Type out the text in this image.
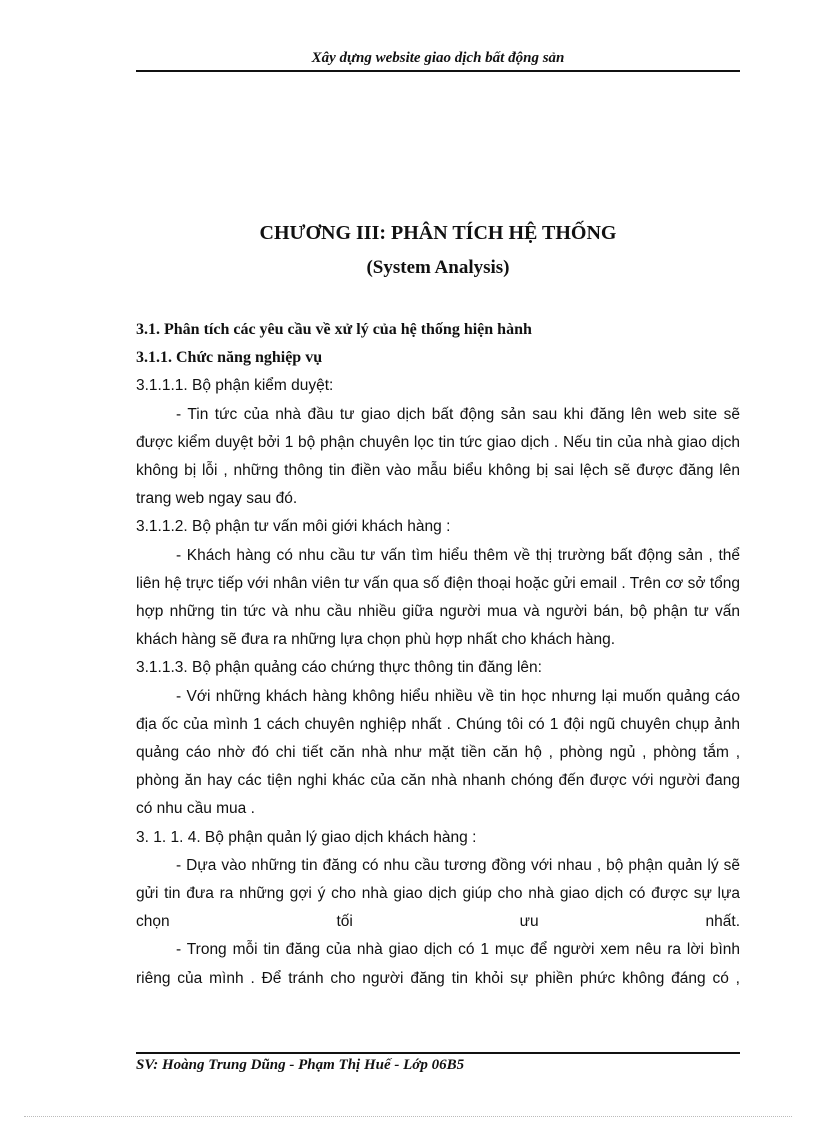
Xây dựng website giao dịch bất động sản
CHƯƠNG III: PHÂN TÍCH HỆ THỐNG
(System Analysis)

3.1. Phân tích các yêu cầu về xử lý của hệ thống hiện hành

3.1.1. Chức năng nghiệp vụ

3.1.1.1. Bộ phận kiểm duyệt:

- Tin tức của nhà đầu tư giao dịch bất động sản sau khi đăng lên web site sẽ được kiểm duyệt bởi 1 bộ phận chuyên lọc tin tức giao dịch . Nếu tin của nhà giao dịch không bị lỗi , những thông tin điền vào mẫu biểu không bị sai lệch sẽ được đăng lên trang web ngay sau đó.

3.1.1.2. Bộ phận tư vấn môi giới khách hàng :

- Khách hàng có nhu cầu tư vấn tìm hiểu thêm về thị trường bất động sản , thể liên hệ trực tiếp với nhân viên tư vấn qua số điện thoại hoặc gửi email . Trên cơ sở tổng hợp những tin tức và nhu cầu nhiều giữa người mua và người bán, bộ phận tư vấn khách hàng sẽ đưa ra những lựa chọn phù hợp nhất cho khách hàng.

3.1.1.3. Bộ phận quảng cáo chứng thực thông tin đăng lên:

- Với những khách hàng không hiểu nhiều về tin học nhưng lại muốn quảng cáo địa ốc của mình 1 cách chuyên nghiệp nhất . Chúng tôi có 1 đội ngũ chuyên chụp ảnh quảng cáo nhờ đó chi tiết căn nhà như mặt tiền căn hộ , phòng ngủ , phòng tắm , phòng ăn hay các tiện nghi khác của căn nhà nhanh chóng đến được với người đang có nhu cầu mua .

3. 1. 1. 4. Bộ phận quản lý giao dịch khách hàng :

- Dựa vào những tin đăng có nhu cầu tương đồng với nhau , bộ phận quản lý sẽ gửi tin đưa ra những gợi ý cho nhà giao dịch giúp cho nhà giao dịch có được sự lựa chọn tối ưu nhất.

- Trong mỗi tin đăng của nhà giao dịch có 1 mục để người xem nêu ra lời bình riêng của mình . Để tránh cho người đăng tin khỏi sự phiền phức không đáng có ,

SV: Hoàng Trung Dũng - Phạm Thị Huế - Lớp 06B5
